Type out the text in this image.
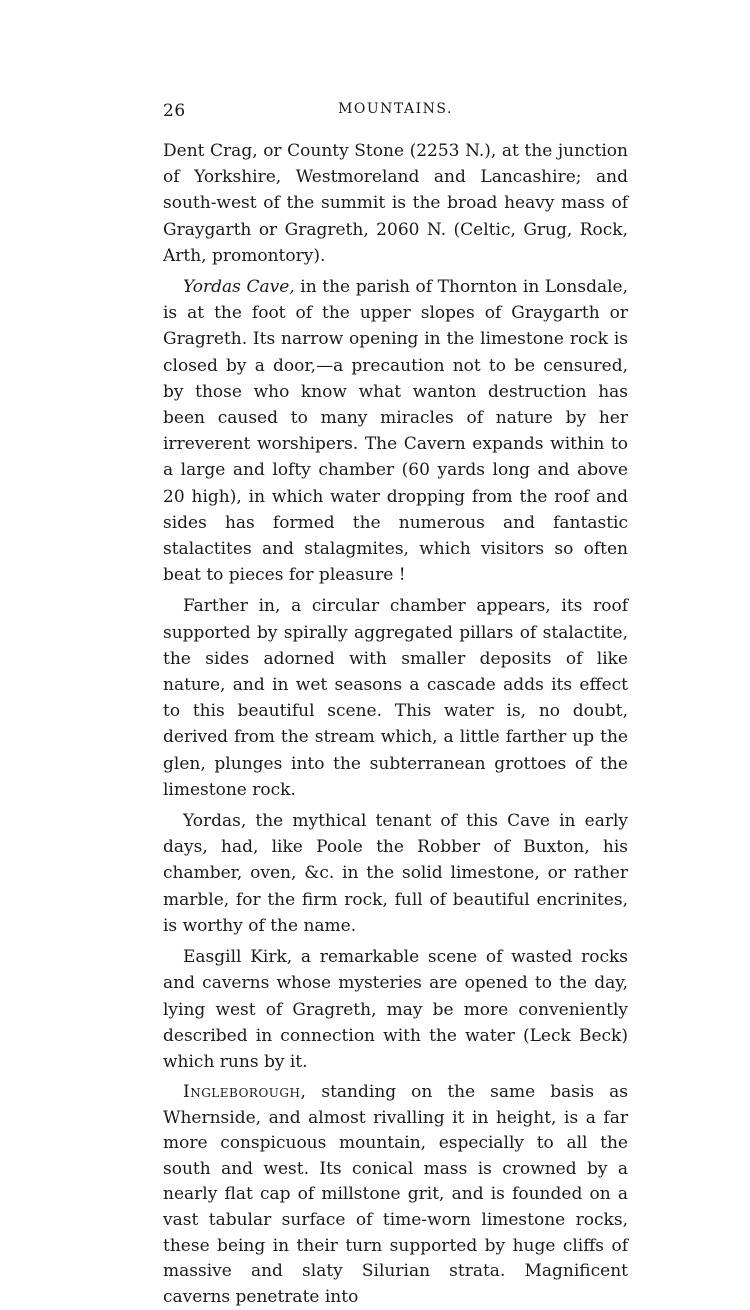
26	MOUNTAINS.

Dent Crag, or County Stone (2253 N.), at the junction of Yorkshire, Westmoreland and Lancashire; and south-west of the summit is the broad heavy mass of Graygarth or Gragreth, 2060 N. (Celtic, Grug, Rock, Arth, promontory).

Yordas Cave, in the parish of Thornton in Lonsdale, is at the foot of the upper slopes of Graygarth or Gragreth. Its narrow opening in the limestone rock is closed by a door,—a precaution not to be censured, by those who know what wanton destruction has been caused to many miracles of nature by her irreverent worshipers. The Cavern expands within to a large and lofty chamber (60 yards long and above 20 high), in which water dropping from the roof and sides has formed the numerous and fantastic stalactites and stalagmites, which visitors so often beat to pieces for pleasure !

Farther in, a circular chamber appears, its roof supported by spirally aggregated pillars of stalactite, the sides adorned with smaller deposits of like nature, and in wet seasons a cascade adds its effect to this beautiful scene. This water is, no doubt, derived from the stream which, a little farther up the glen, plunges into the subterranean grottoes of the limestone rock.

Yordas, the mythical tenant of this Cave in early days, had, like Poole the Robber of Buxton, his chamber, oven, &c. in the solid limestone, or rather marble, for the firm rock, full of beautiful encrinites, is worthy of the name.

Easgill Kirk, a remarkable scene of wasted rocks and caverns whose mysteries are opened to the day, lying west of Gragreth, may be more conveniently described in connection with the water (Leck Beck) which runs by it.

Ingleborough, standing on the same basis as Whernside, and almost rivalling it in height, is a far more conspicuous mountain, especially to all the south and west. Its conical mass is crowned by a nearly flat cap of millstone grit, and is founded on a vast tabular surface of time-worn limestone rocks, these being in their turn supported by huge cliffs of massive and slaty Silurian strata. Magnificent caverns penetrate into
